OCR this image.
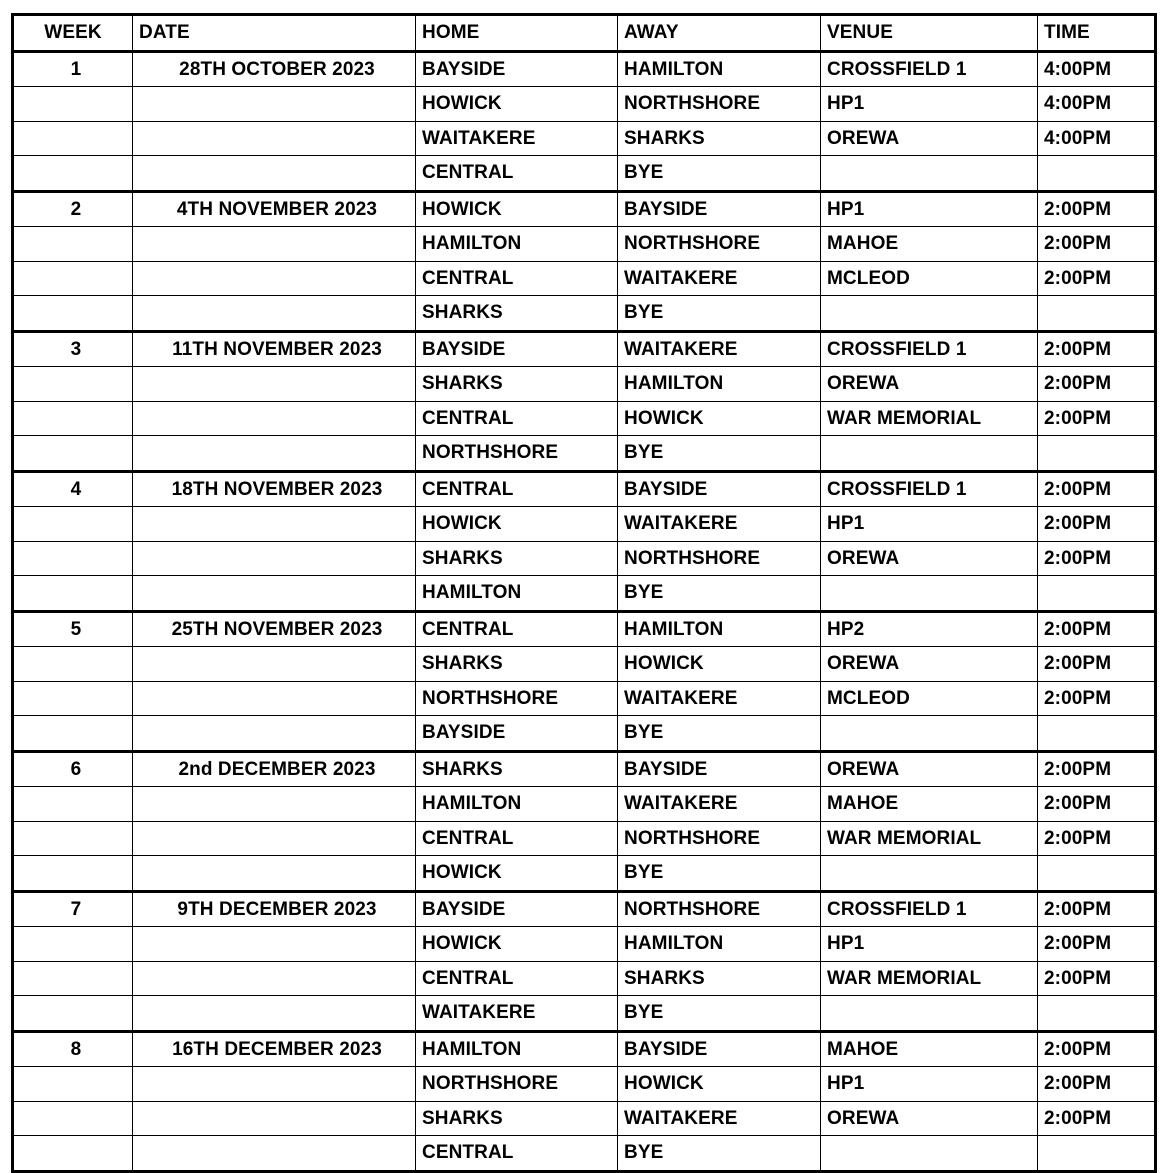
WEEK	DATE	HOME	AWAY	VENUE	TIME
1	28TH OCTOBER 2023	BAYSIDE	HAMILTON	CROSSFIELD 1	4:00PM
		HOWICK	NORTHSHORE	HP1	4:00PM
		WAITAKERE	SHARKS	OREWA	4:00PM
		CENTRAL	BYE		
2	4TH NOVEMBER 2023	HOWICK	BAYSIDE	HP1	2:00PM
		HAMILTON	NORTHSHORE	MAHOE	2:00PM
		CENTRAL	WAITAKERE	MCLEOD	2:00PM
		SHARKS	BYE		
3	11TH NOVEMBER 2023	BAYSIDE	WAITAKERE	CROSSFIELD 1	2:00PM
		SHARKS	HAMILTON	OREWA	2:00PM
		CENTRAL	HOWICK	WAR MEMORIAL	2:00PM
		NORTHSHORE	BYE		
4	18TH NOVEMBER 2023	CENTRAL	BAYSIDE	CROSSFIELD 1	2:00PM
		HOWICK	WAITAKERE	HP1	2:00PM
		SHARKS	NORTHSHORE	OREWA	2:00PM
		HAMILTON	BYE		
5	25TH NOVEMBER 2023	CENTRAL	HAMILTON	HP2	2:00PM
		SHARKS	HOWICK	OREWA	2:00PM
		NORTHSHORE	WAITAKERE	MCLEOD	2:00PM
		BAYSIDE	BYE		
6	2nd DECEMBER 2023	SHARKS	BAYSIDE	OREWA	2:00PM
		HAMILTON	WAITAKERE	MAHOE	2:00PM
		CENTRAL	NORTHSHORE	WAR MEMORIAL	2:00PM
		HOWICK	BYE		
7	9TH DECEMBER 2023	BAYSIDE	NORTHSHORE	CROSSFIELD 1	2:00PM
		HOWICK	HAMILTON	HP1	2:00PM
		CENTRAL	SHARKS	WAR MEMORIAL	2:00PM
		WAITAKERE	BYE		
8	16TH DECEMBER 2023	HAMILTON	BAYSIDE	MAHOE	2:00PM
		NORTHSHORE	HOWICK	HP1	2:00PM
		SHARKS	WAITAKERE	OREWA	2:00PM
		CENTRAL	BYE		
